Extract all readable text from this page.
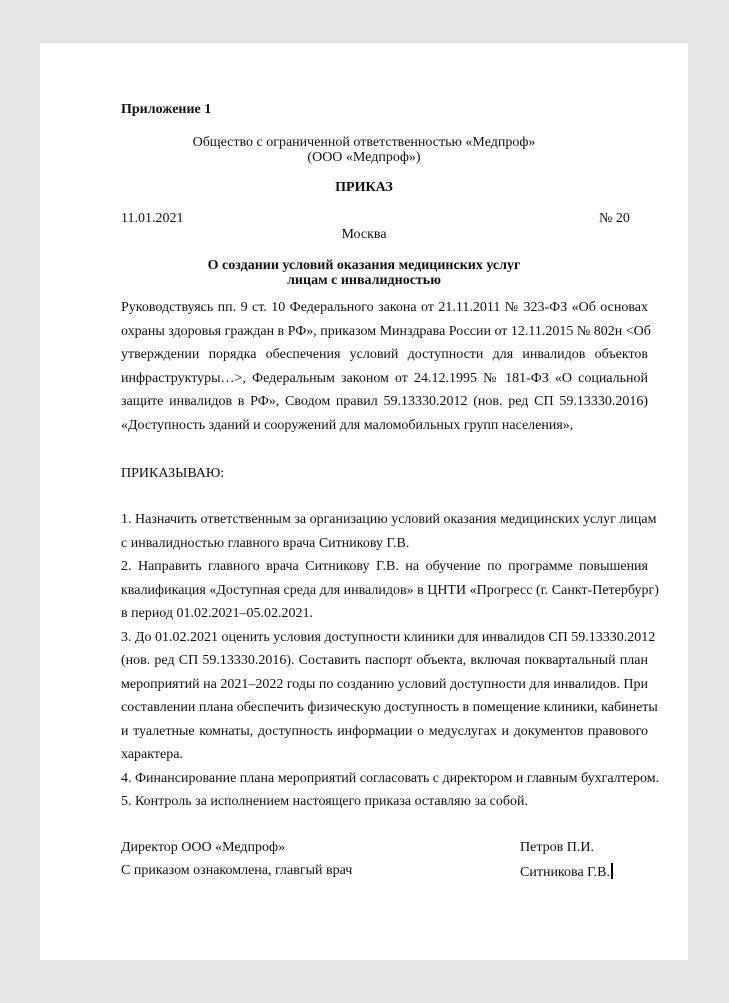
Приложение 1
Общество с ограниченной ответственностью «Медпроф»
(ООО «Медпроф»)
ПРИКАЗ
11.01.2021	№ 20
Москва
О создании условий оказания медицинских услуг
лицам с инвалидностью
Руководствуясь пп. 9 ст. 10 Федерального закона от 21.11.2011 № 323-ФЗ «Об основах
охраны здоровья граждан в РФ», приказом Минздрава России от 12.11.2015 № 802н <Об
утверждении порядка обеспечения условий доступности для инвалидов объектов
инфраструктуры…>, Федеральным законом от 24.12.1995 № 181-ФЗ «О социальной
защите инвалидов в РФ», Сводом правил 59.13330.2012 (нов. ред СП 59.13330.2016)
«Доступность зданий и сооружений для маломобильных групп населения»,
ПРИКАЗЫВАЮ:
1. Назначить ответственным за организацию условий оказания медицинских услуг лицам
с инвалидностью главного врача Ситникову Г.В.
2. Направить главного врача Ситникову Г.В. на обучение по программе повышения
квалификация «Доступная среда для инвалидов» в ЦНТИ «Прогресс (г. Санкт-Петербург)
в период 01.02.2021–05.02.2021.
3. До 01.02.2021 оценить условия доступности клиники для инвалидов СП 59.13330.2012
(нов. ред СП 59.13330.2016). Составить паспорт объекта, включая поквартальный план
мероприятий на 2021–2022 годы по созданию условий доступности для инвалидов. При
составлении плана обеспечить физическую доступность в помещение клиники, кабинеты
и туалетные комнаты, доступность информации о медуслугах и документов правового
характера.
4. Финансирование плана мероприятий согласовать с директором и главным бухгалтером.
5. Контроль за исполнением настоящего приказа оставляю за собой.
Директор ООО «Медпроф»	Петров П.И.
С приказом ознакомлена, главгый врач	Ситникова Г.В.
